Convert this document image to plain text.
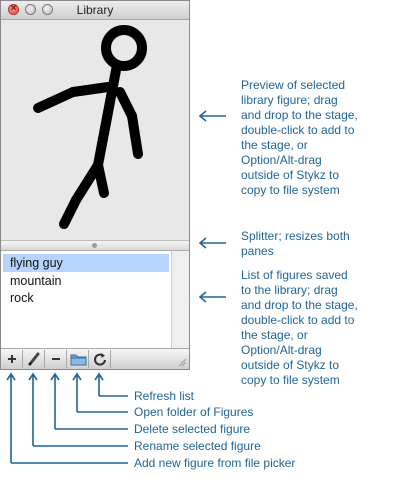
×	Library
flying guy
mountain
rock
Preview of selected
library figure; drag
and drop to the stage,
double-click to add to
the stage, or
Option/Alt-drag
outside of Stykz to
copy to file system
Splitter; resizes both
panes
List of figures saved
to the library; drag
and drop to the stage,
double-click to add to
the stage, or
Option/Alt-drag
outside of Stykz to
copy to file system
Refresh list
Open folder of Figures
Delete selected figure
Rename selected figure
Add new figure from file picker
